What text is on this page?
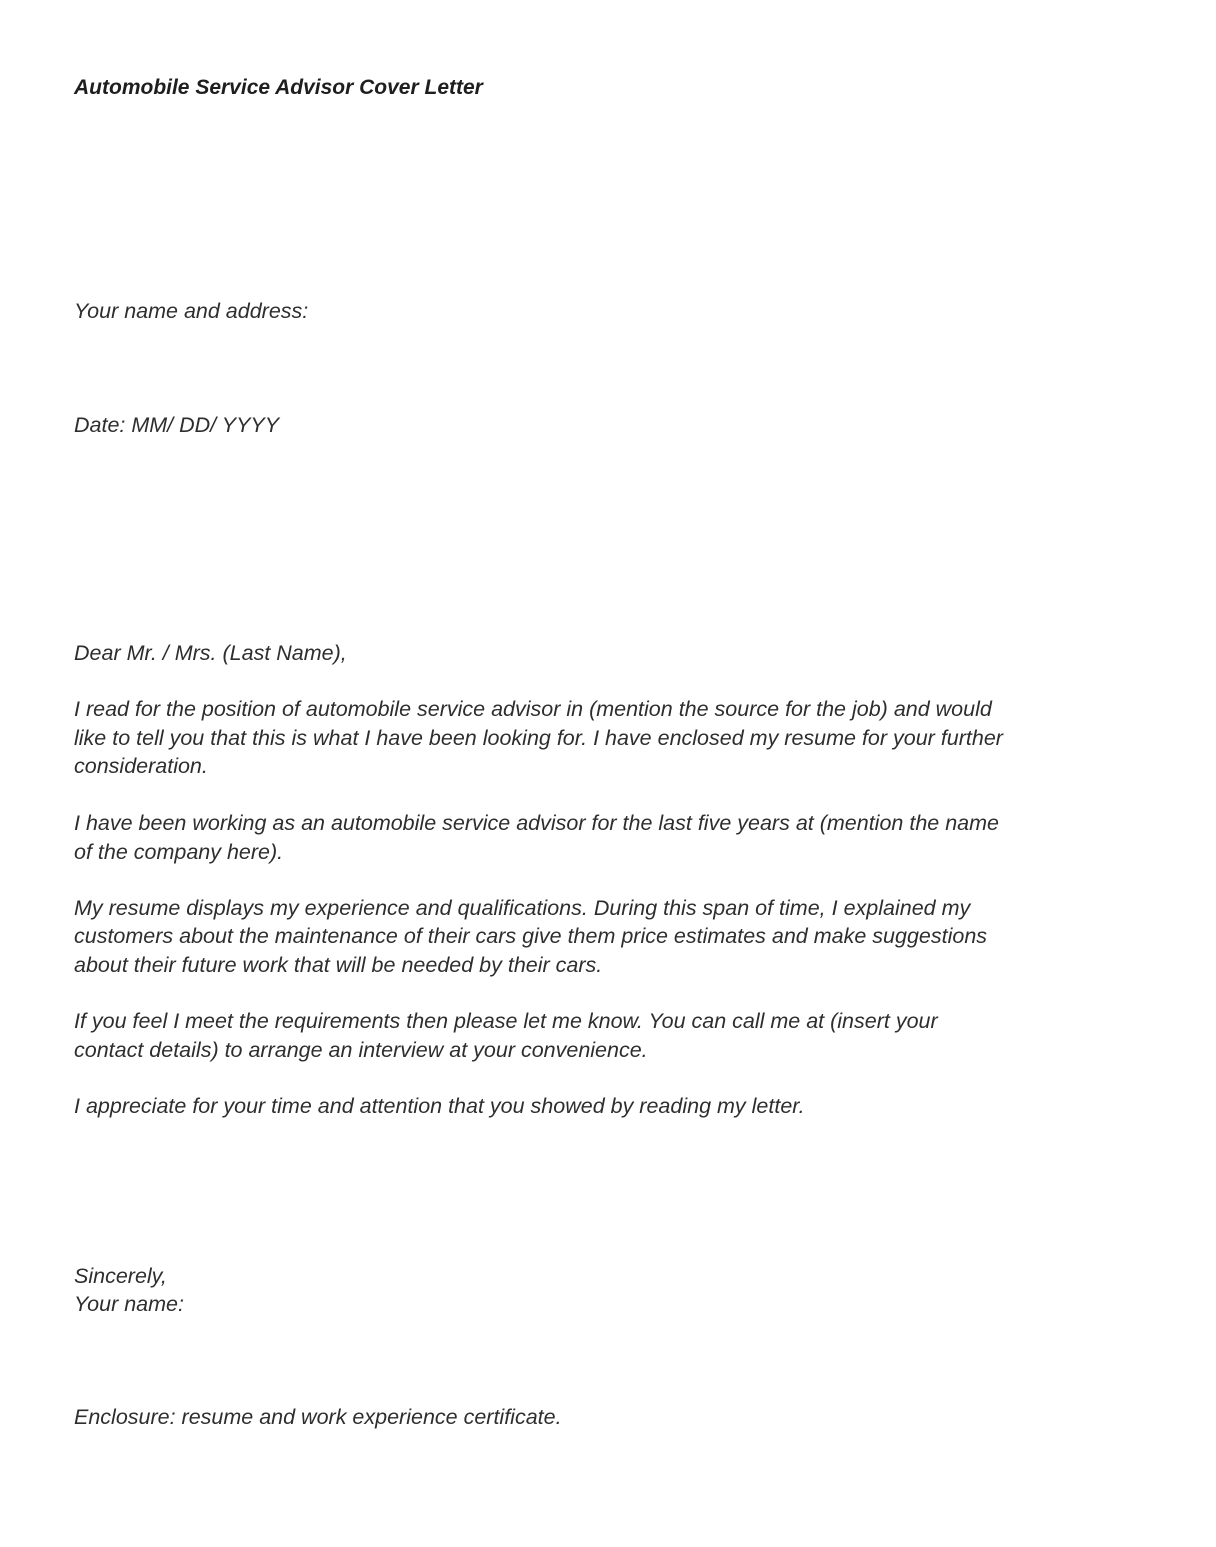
Automobile Service Advisor Cover Letter
Your name and address:
Date: MM/ DD/ YYYY
Dear Mr. / Mrs. (Last Name),
I read for the position of automobile service advisor in (mention the source for the job) and would
like to tell you that this is what I have been looking for. I have enclosed my resume for your further
consideration.
I have been working as an automobile service advisor for the last five years at (mention the name
of the company here).
My resume displays my experience and qualifications. During this span of time, I explained my
customers about the maintenance of their cars give them price estimates and make suggestions
about their future work that will be needed by their cars.
If you feel I meet the requirements then please let me know. You can call me at (insert your
contact details) to arrange an interview at your convenience.
I appreciate for your time and attention that you showed by reading my letter.
Sincerely,
Your name:
Enclosure: resume and work experience certificate.
